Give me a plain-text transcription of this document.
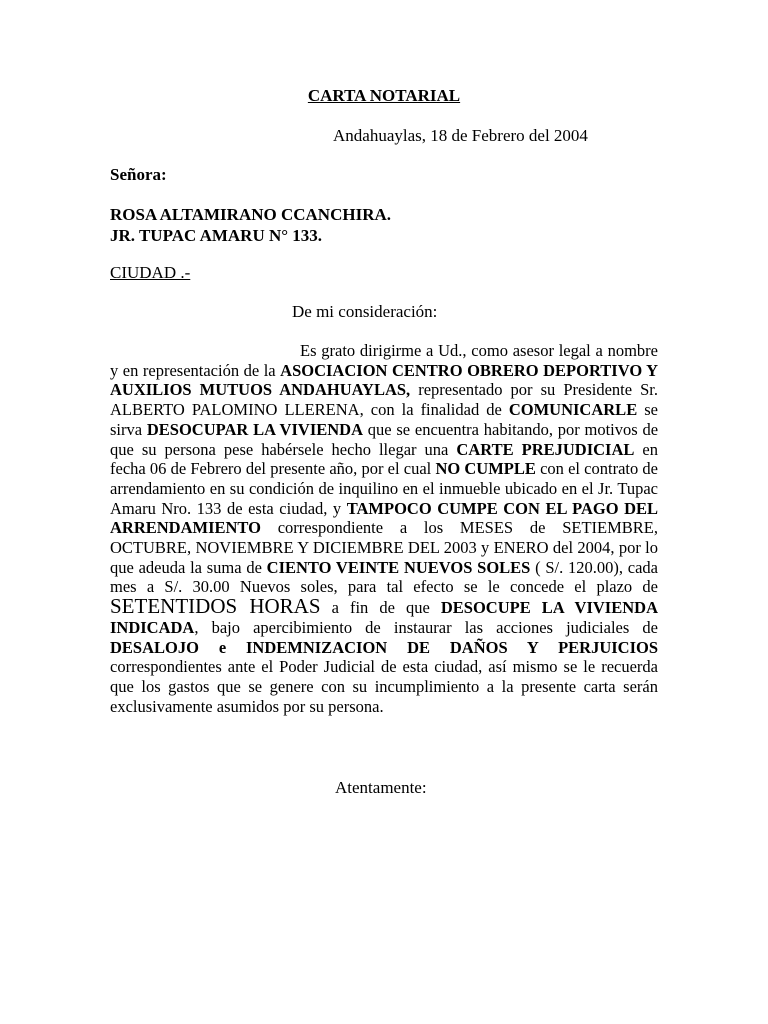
CARTA NOTARIAL
Andahuaylas, 18 de Febrero del 2004
Señora:
ROSA ALTAMIRANO CCANCHIRA.
JR. TUPAC AMARU N° 133.
CIUDAD .-
De mi consideración:
Es grato dirigirme a Ud., como asesor legal a nombre y en representación de la ASOCIACION CENTRO OBRERO DEPORTIVO Y AUXILIOS MUTUOS ANDAHUAYLAS, representado por su Presidente Sr. ALBERTO PALOMINO LLERENA, con la finalidad de COMUNICARLE se sirva DESOCUPAR LA VIVIENDA que se encuentra habitando, por motivos de que su persona pese habérsele hecho llegar una CARTE PREJUDICIAL en fecha 06 de Febrero del presente año, por el cual NO CUMPLE con el contrato de arrendamiento en su condición de inquilino en el inmueble ubicado en el Jr. Tupac Amaru Nro. 133 de esta ciudad, y TAMPOCO CUMPE CON EL PAGO DEL ARRENDAMIENTO correspondiente a los MESES de SETIEMBRE, OCTUBRE, NOVIEMBRE Y DICIEMBRE DEL 2003 y ENERO del 2004, por lo que adeuda la suma de CIENTO VEINTE NUEVOS SOLES ( S/. 120.00), cada mes a S/. 30.00 Nuevos soles, para tal efecto se le concede el plazo de SETENTIDOS HORAS a fin de que DESOCUPE LA VIVIENDA INDICADA, bajo apercibimiento de instaurar las acciones judiciales de DESALOJO e INDEMNIZACION DE DAÑOS Y PERJUICIOS correspondientes ante el Poder Judicial de esta ciudad, así mismo se le recuerda que los gastos que se genere con su incumplimiento a la presente carta serán exclusivamente asumidos por su persona.
Atentamente:
